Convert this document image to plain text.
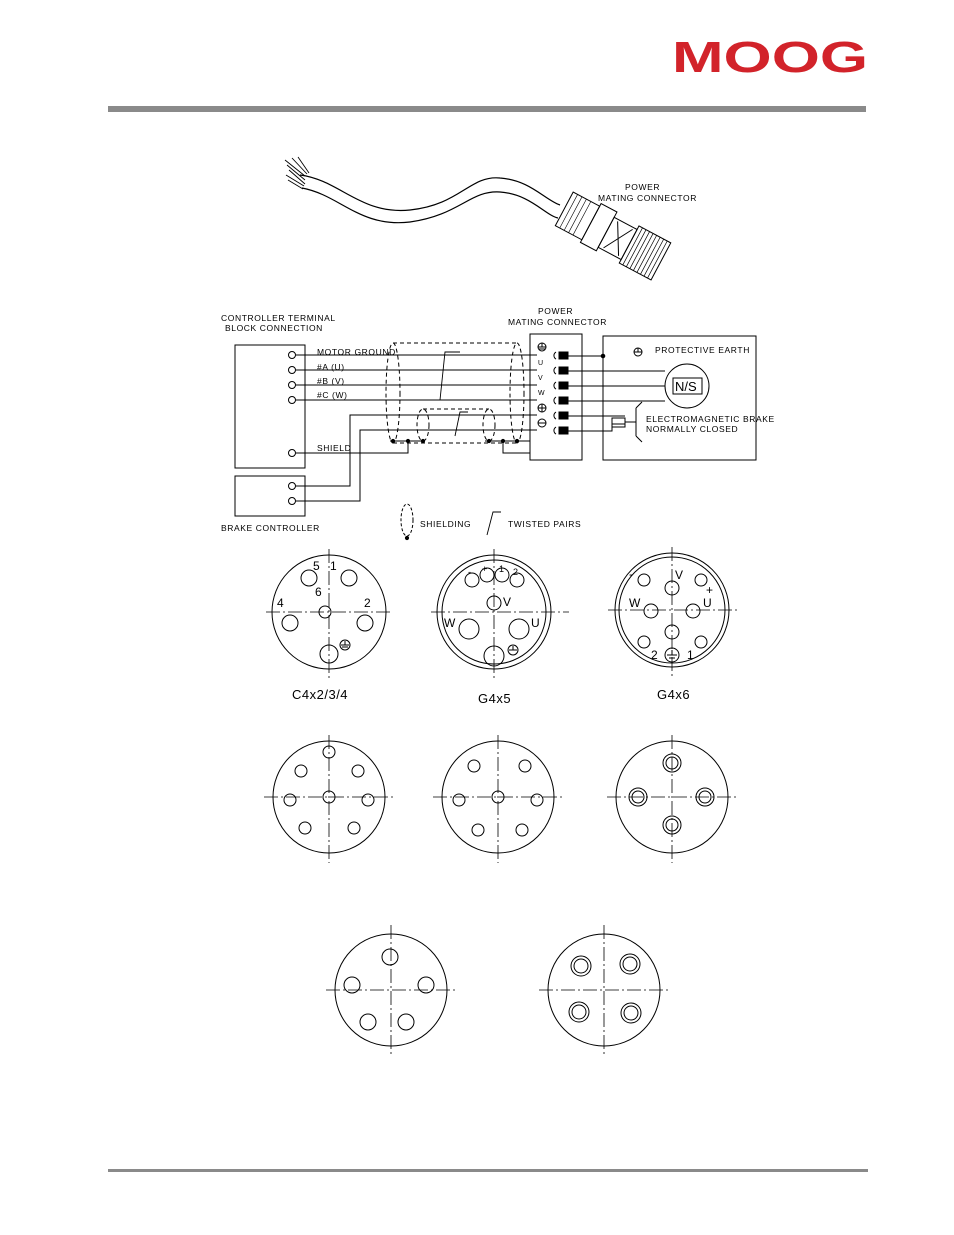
MOOG
POWER
MATING CONNECTOR
CONTROLLER TERMINAL
BLOCK CONNECTION
MOTOR GROUND
#A (U)
#B (V)
#C (W)
SHIELD
BRAKE CONTROLLER
POWER
MATING CONNECTOR
U
V
W
PROTECTIVE EARTH
N/S
ELECTROMAGNETIC BRAKE
NORMALLY CLOSED
SHIELDING	TWISTED PAIRS
5 1
6
4	2
C4x2/3/4
- + 1 2
V
W	U
G4x5
V
-
+
W	U
2 1
G4x6
